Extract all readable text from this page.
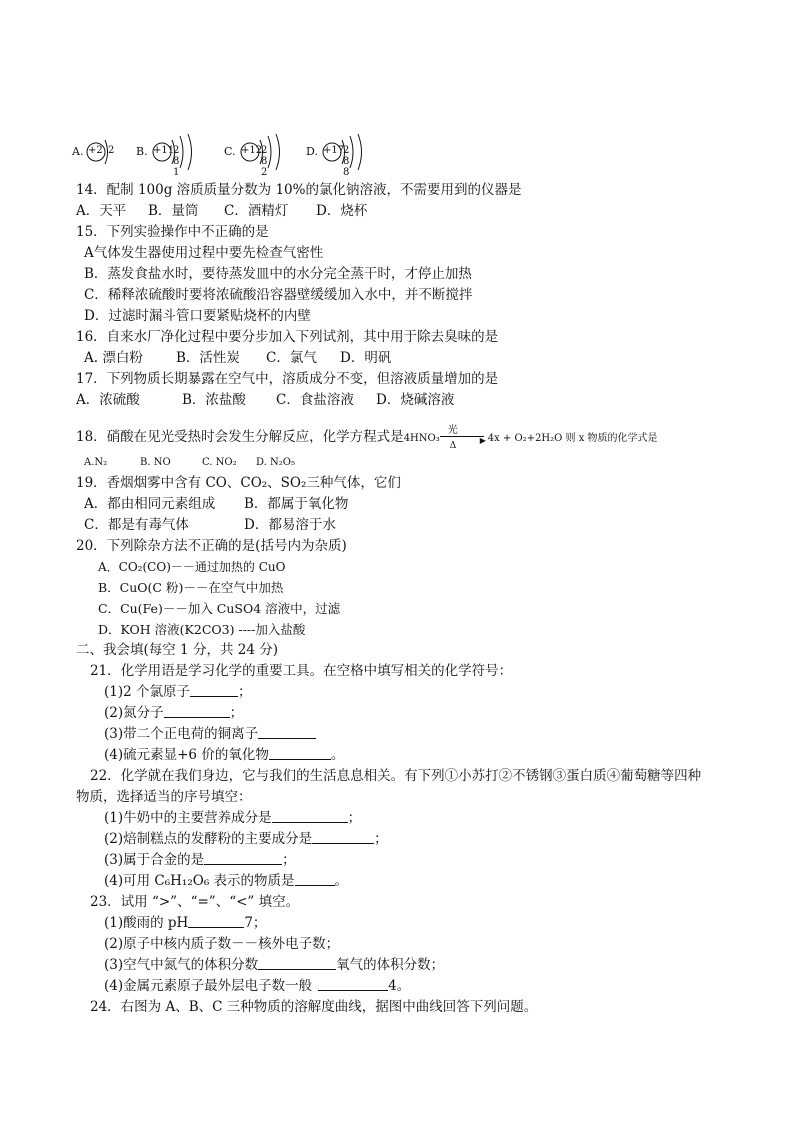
A. +2 2 B. +11
2 8 1
C. +12
2 8 2
D. +17
2 8 8
14．配制 100g 溶质质量分数为 10%的氯化钠溶液，不需要用到的仪器是
A．天平 B．量筒 C．酒精灯 D．烧杯
15．下列实验操作中不正确的是
A气体发生器使用过程中要先检查气密性
B．蒸发食盐水时，要待蒸发皿中的水分完全蒸干时，才停止加热
C．稀释浓硫酸时要将浓硫酸沿容器壁缓缓加入水中，并不断搅拌
D．过滤时漏斗管口要紧贴烧杯的内壁
16．自来水厂净化过程中要分步加入下列试剂，其中用于除去臭味的是
A. 漂白粉 B．活性炭 C．氯气 D．明矾
17．下列物质长期暴露在空气中，溶质成分不变，但溶液质量增加的是
A．浓硫酸	B．浓盐酸 C．食盐溶液 D．烧碱溶液
18．硝酸在见光受热时会发生分解反应，化学方程式是4HNO₃
光
▶
Δ
4x + O₂+2H₂O 则 x 物质的化学式是
A.N₂	B. NO	C. NO₂ D. N₂O₅
19．香烟烟雾中含有 CO、CO₂、SO₂三种气体，它们
A．都由相同元素组成 B．都属于氧化物
C．都是有毒气体	D．都易溶于水
20．下列除杂方法不正确的是(括号内为杂质)
A．CO₂(CO)－－通过加热的 CuO
B．CuO(C 粉)－－在空气中加热
C．Cu(Fe)－－加入 CuSO4 溶液中，过滤
D．KOH 溶液(K2CO3) ----加入盐酸
二、我会填(每空 1 分，共 24 分)
21．化学用语是学习化学的重要工具。在空格中填写相关的化学符号：
(1)2 个氯原子	；
(2)氮分子	；
(3)带二个正电荷的铜离子
(4)硫元素显+6 价的氧化物	。
22．化学就在我们身边，它与我们的生活息息相关。有下列①小苏打②不锈钢③蛋白质④葡萄糖等四种
物质，选择适当的序号填空：
(1)牛奶中的主要营养成分是	；
(2)焙制糕点的发酵粉的主要成分是	；
(3)属于合金的是	；
(4)可用 C₆H₁₂O₆ 表示的物质是	。
23．试用 “>”、“=”、“<” 填空。
(1)酸雨的 pH	7；
(2)原子中核内质子数－－核外电子数；
(3)空气中氮气的体积分数	氧气的体积分数；
(4)金属元素原子最外层电子数一般	4。
24．右图为 A、B、C 三种物质的溶解度曲线，据图中曲线回答下列问题。
